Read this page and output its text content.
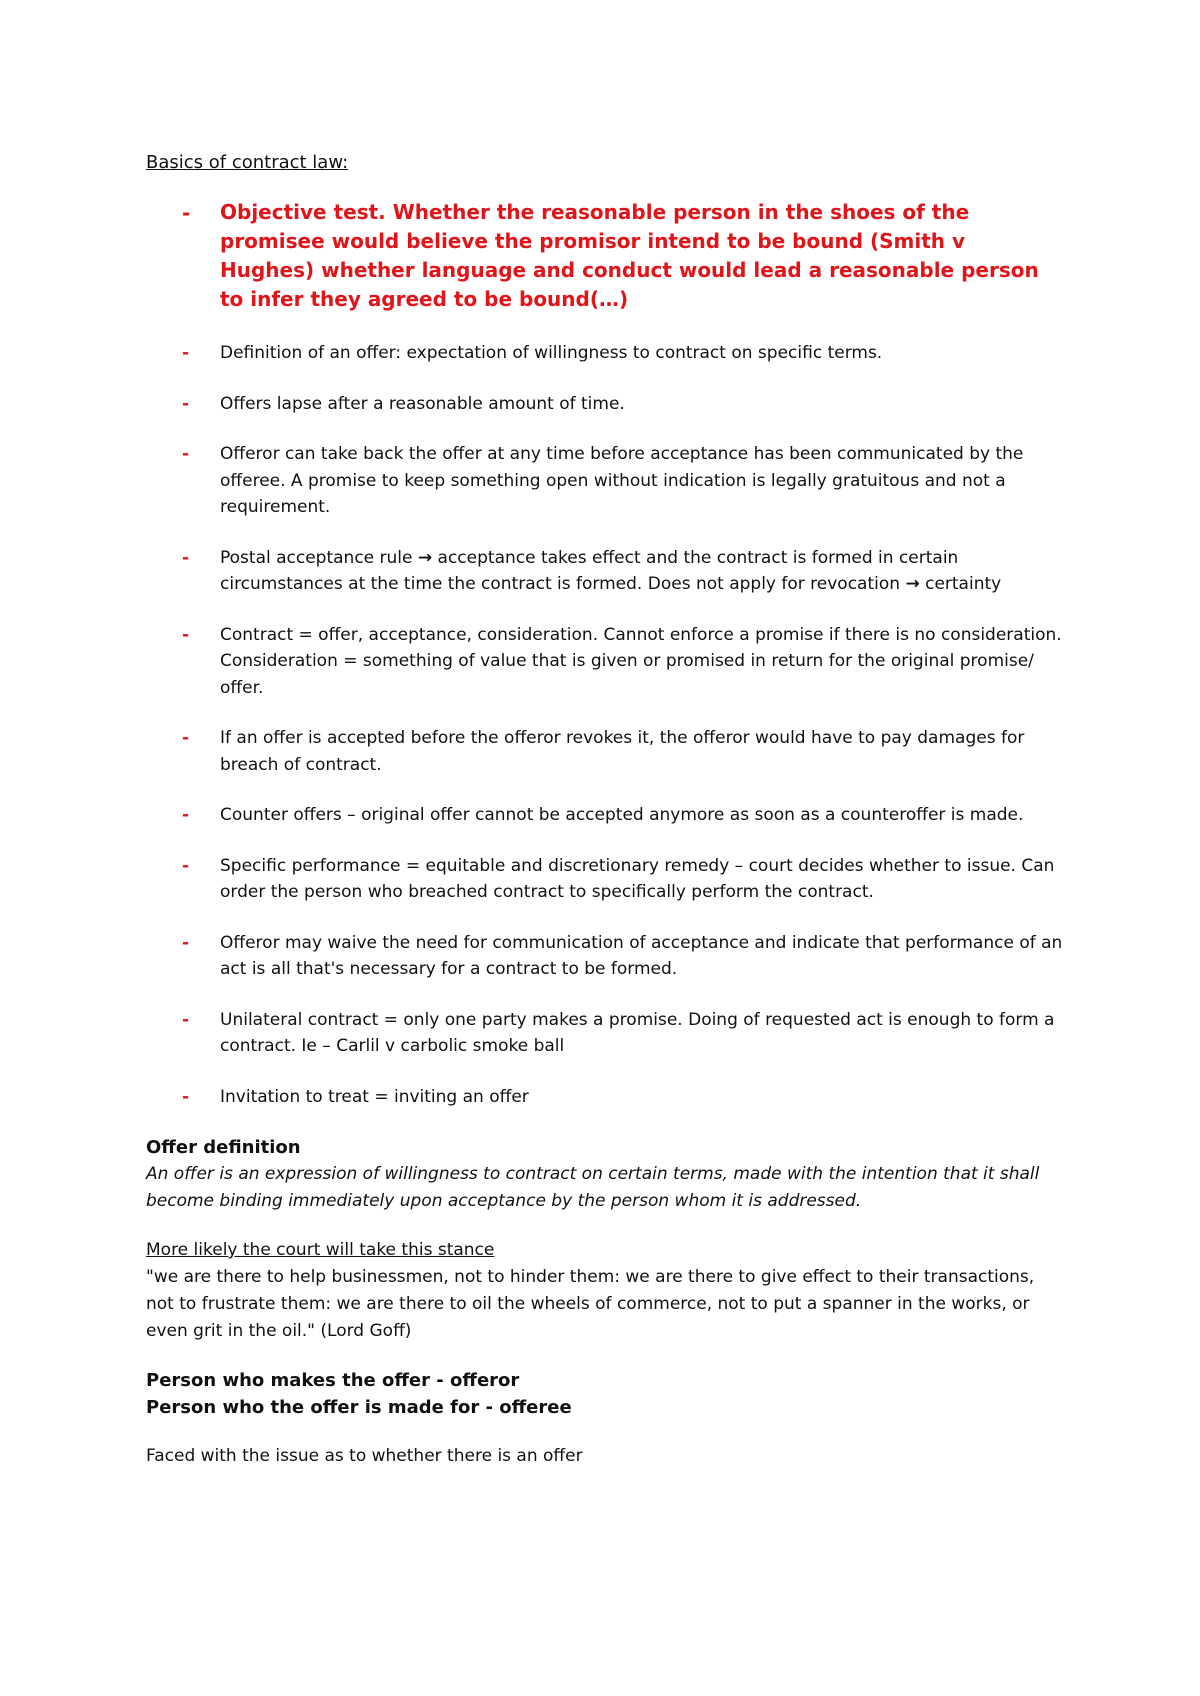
Basics of contract law:

- Objective test. Whether the reasonable person in the shoes of the promisee would believe the promisor intend to be bound (Smith v Hughes) whether language and conduct would lead a reasonable person to infer they agreed to be bound(…)
- Definition of an offer: expectation of willingness to contract on specific terms.
- Offers lapse after a reasonable amount of time.
- Offeror can take back the offer at any time before acceptance has been communicated by the offeree. A promise to keep something open without indication is legally gratuitous and not a requirement.
- Postal acceptance rule → acceptance takes effect and the contract is formed in certain circumstances at the time the contract is formed. Does not apply for revocation → certainty
- Contract = offer, acceptance, consideration. Cannot enforce a promise if there is no consideration. Consideration = something of value that is given or promised in return for the original promise/ offer.
- If an offer is accepted before the offeror revokes it, the offeror would have to pay damages for breach of contract.
- Counter offers – original offer cannot be accepted anymore as soon as a counteroffer is made.
- Specific performance = equitable and discretionary remedy – court decides whether to issue. Can order the person who breached contract to specifically perform the contract.
- Offeror may waive the need for communication of acceptance and indicate that performance of an act is all that's necessary for a contract to be formed.
- Unilateral contract = only one party makes a promise. Doing of requested act is enough to form a contract. Ie – Carlil v carbolic smoke ball
- Invitation to treat = inviting an offer

Offer definition

An offer is an expression of willingness to contract on certain terms, made with the intention that it shall become binding immediately upon acceptance by the person whom it is addressed.

More likely the court will take this stance

"we are there to help businessmen, not to hinder them: we are there to give effect to their transactions, not to frustrate them: we are there to oil the wheels of commerce, not to put a spanner in the works, or even grit in the oil." (Lord Goff)

Person who makes the offer - offeror

Person who the offer is made for - offeree

Faced with the issue as to whether there is an offer
